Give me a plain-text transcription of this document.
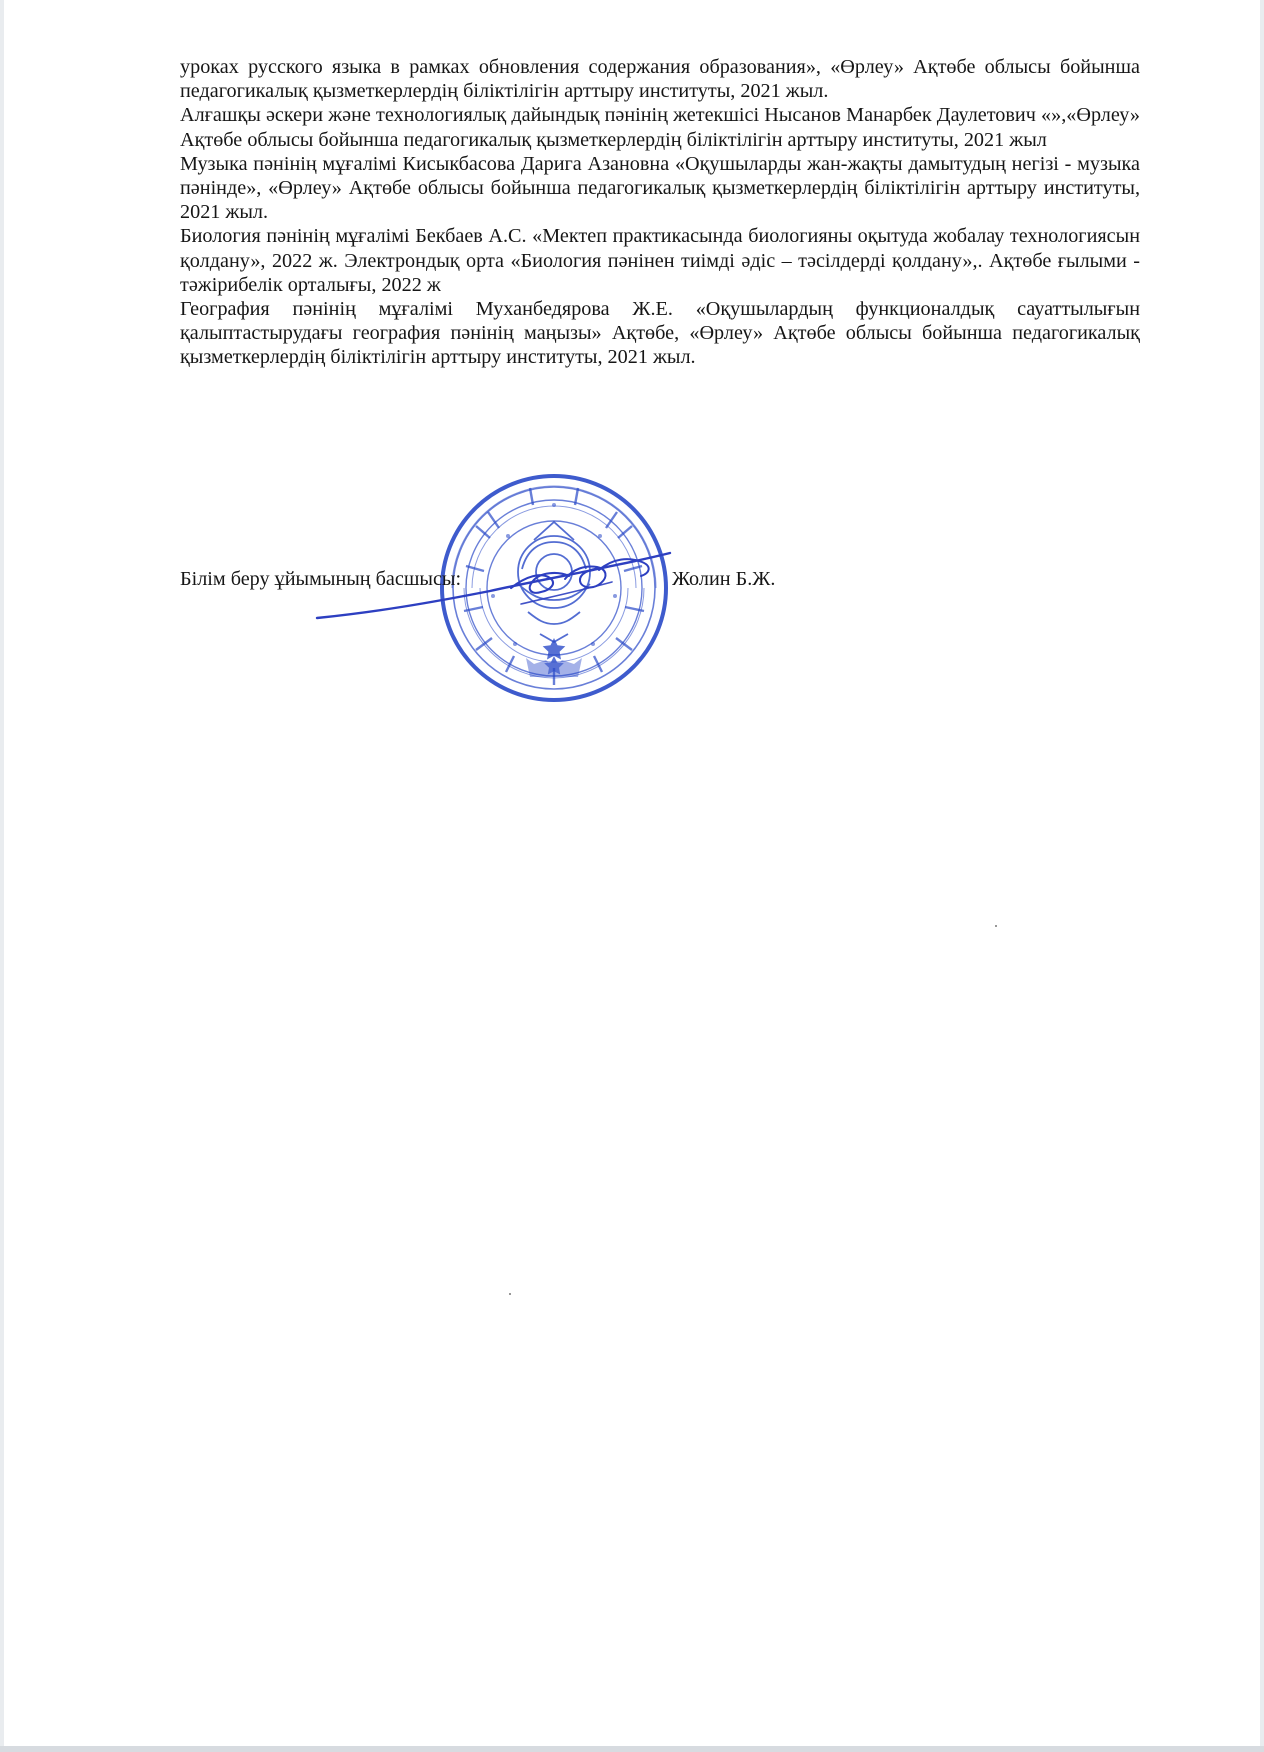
уроках русского языка в рамках обновления содержания образования», «Өрлеу» Ақтөбе облысы бойынша педагогикалық қызметкерлердің біліктілігін арттыру институты, 2021 жыл.

Алғашқы әскери және технологиялық дайындық пәнінің жетекшісі Нысанов Манарбек Даулетович «»,«Өрлеу» Ақтөбе облысы бойынша педагогикалық қызметкерлердің біліктілігін арттыру институты, 2021 жыл

Музыка пәнінің мұғалімі Кисыкбасова Дарига Азановна «Оқушыларды жан-жақты дамытудың негізі - музыка пәнінде», «Өрлеу» Ақтөбе облысы бойынша педагогикалық қызметкерлердің біліктілігін арттыру институты, 2021 жыл.

Биология пәнінің мұғалімі Бекбаев А.С. «Мектеп практикасында биологияны оқытуда жобалау технологиясын қолдану», 2022 ж. Электрондық орта «Биология пәнінен тиімді әдіс – тәсілдерді қолдану»,. Ақтөбе ғылыми - тәжірибелік орталығы, 2022 ж

География пәнінің мұғалімі Муханбедярова Ж.Е. «Оқушылардың функционалдық сауаттылығын қалыптастырудағы география пәнінің маңызы» Ақтөбе, «Өрлеу» Ақтөбе облысы бойынша педагогикалық қызметкерлердің біліктілігін арттыру институты, 2021 жыл.

Білім беру ұйымының басшысы:	Жолин Б.Ж.
